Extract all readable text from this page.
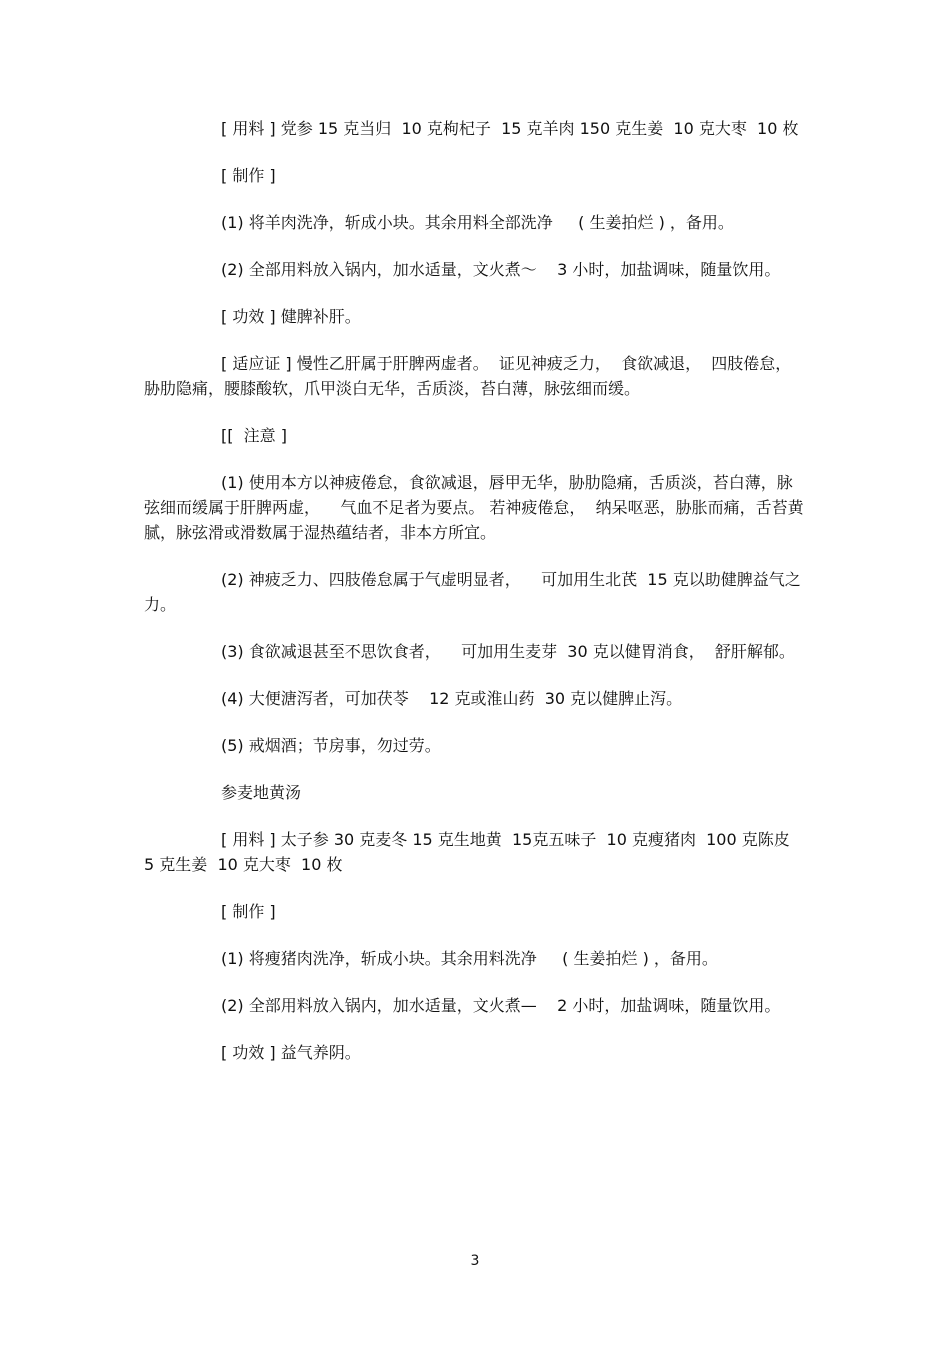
[ 用料 ] 党参 15 克当归  10 克枸杞子  15 克羊肉 150 克生姜  10 克大枣  10 枚

[ 制作 ]

(1) 将羊肉洗净，斩成小块。其余用料全部洗净     ( 生姜拍烂 ) ，备用。

(2) 全部用料放入锅内，加水适量，文火煮～    3 小时，加盐调味，随量饮用。

[ 功效 ] 健脾补肝。

[ 适应证 ] 慢性乙肝属于肝脾两虚者。  证见神疲乏力，  食欲减退，  四肢倦怠，胁肋隐痛，腰膝酸软，爪甲淡白无华，舌质淡，苔白薄，脉弦细而缓。

[[  注意 ]

(1) 使用本方以神疲倦怠，食欲减退，唇甲无华，胁肋隐痛，舌质淡，苔白薄，脉弦细而缓属于肝脾两虚，    气血不足者为要点。 若神疲倦怠，  纳呆呕恶，胁胀而痛，舌苔黄腻，脉弦滑或滑数属于湿热蕴结者，非本方所宜。

(2) 神疲乏力、四肢倦怠属于气虚明显者，    可加用生北芪  15 克以助健脾益气之力。

(3) 食欲减退甚至不思饮食者，    可加用生麦芽  30 克以健胃消食，  舒肝解郁。

(4) 大便溏泻者，可加茯苓    12 克或淮山药  30 克以健脾止泻。

(5) 戒烟酒；节房事，勿过劳。

参麦地黄汤

[ 用料 ] 太子参 30 克麦冬 15 克生地黄  15克五味子  10 克瘦猪肉  100 克陈皮 5 克生姜  10 克大枣  10 枚

[ 制作 ]

(1) 将瘦猪肉洗净，斩成小块。其余用料洗净     ( 生姜拍烂 ) ，备用。

(2) 全部用料放入锅内，加水适量，文火煮—    2 小时，加盐调味，随量饮用。

[ 功效 ] 益气养阴。

3
